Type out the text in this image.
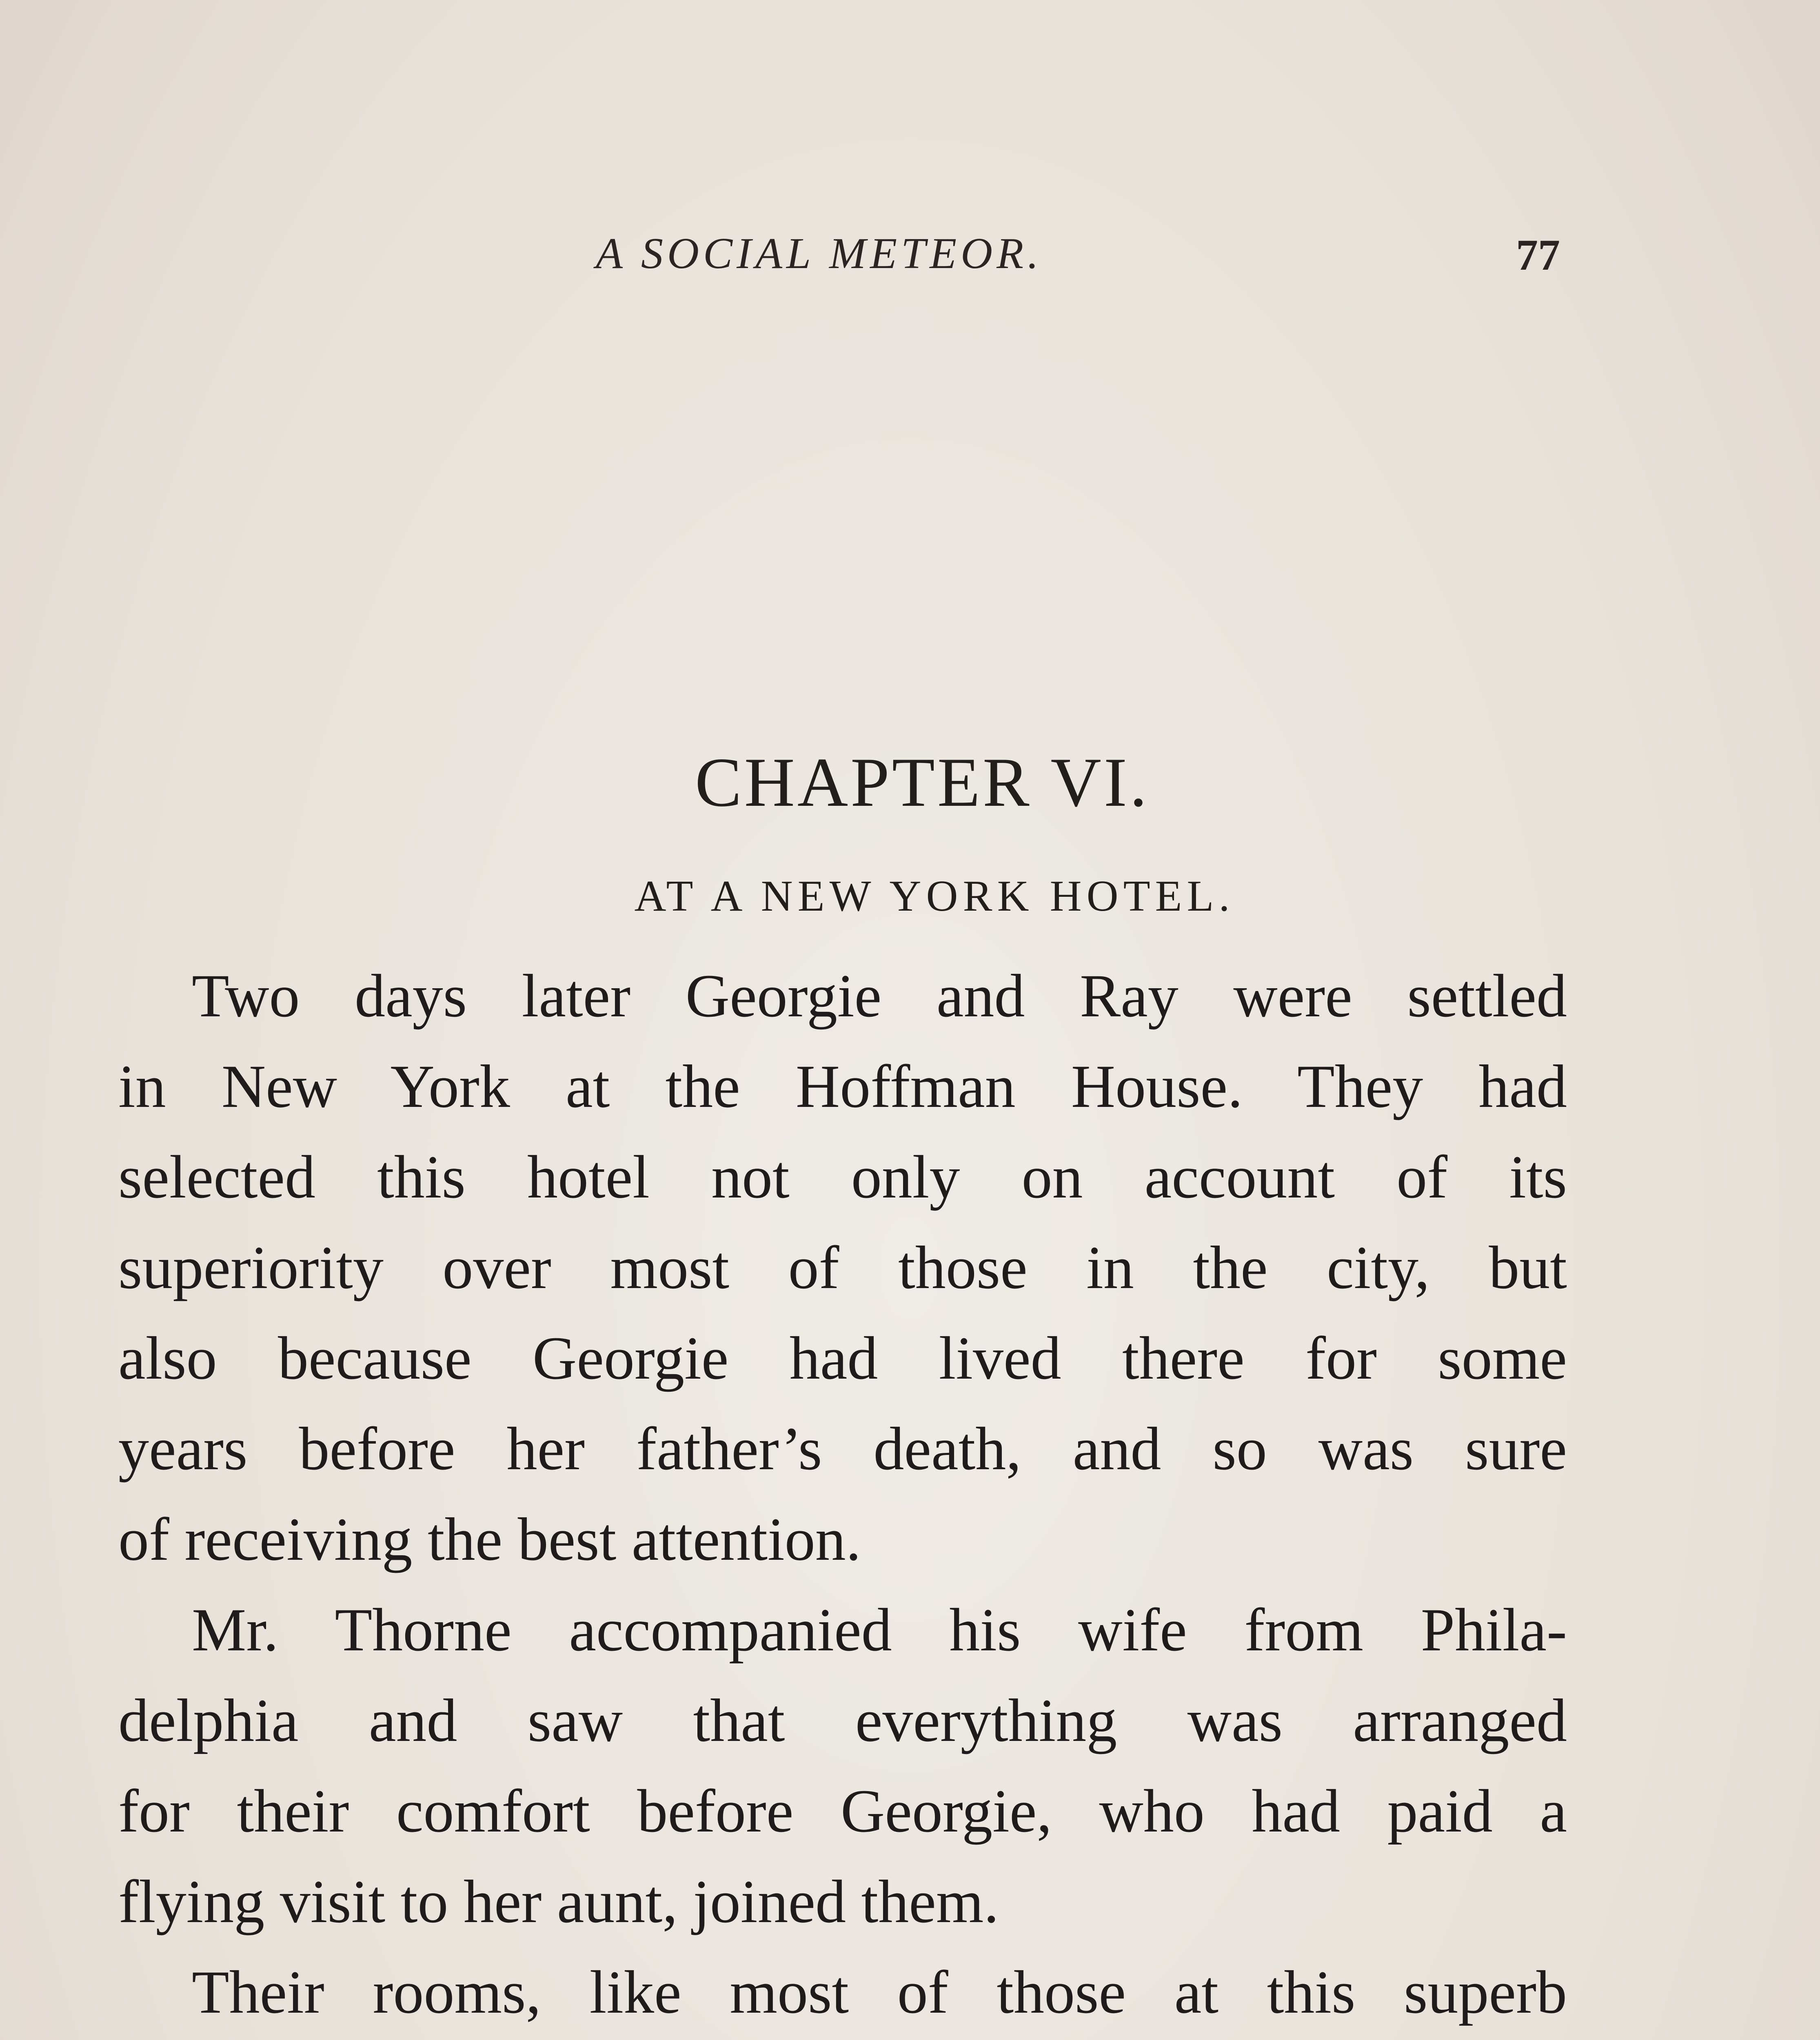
A SOCIAL METEOR.	77
CHAPTER VI.
AT A NEW YORK HOTEL.
Two days later Georgie and Ray were settled
in New York at the Hoffman House. They had
selected this hotel not only on account of its
superiority over most of those in the city, but
also because Georgie had lived there for some
years before her father’s death, and so was sure
of receiving the best attention.
Mr. Thorne accompanied his wife from Phila-
delphia and saw that everything was arranged
for their comfort before Georgie, who had paid a
flying visit to her aunt, joined them.
Their rooms, like most of those at this superb
